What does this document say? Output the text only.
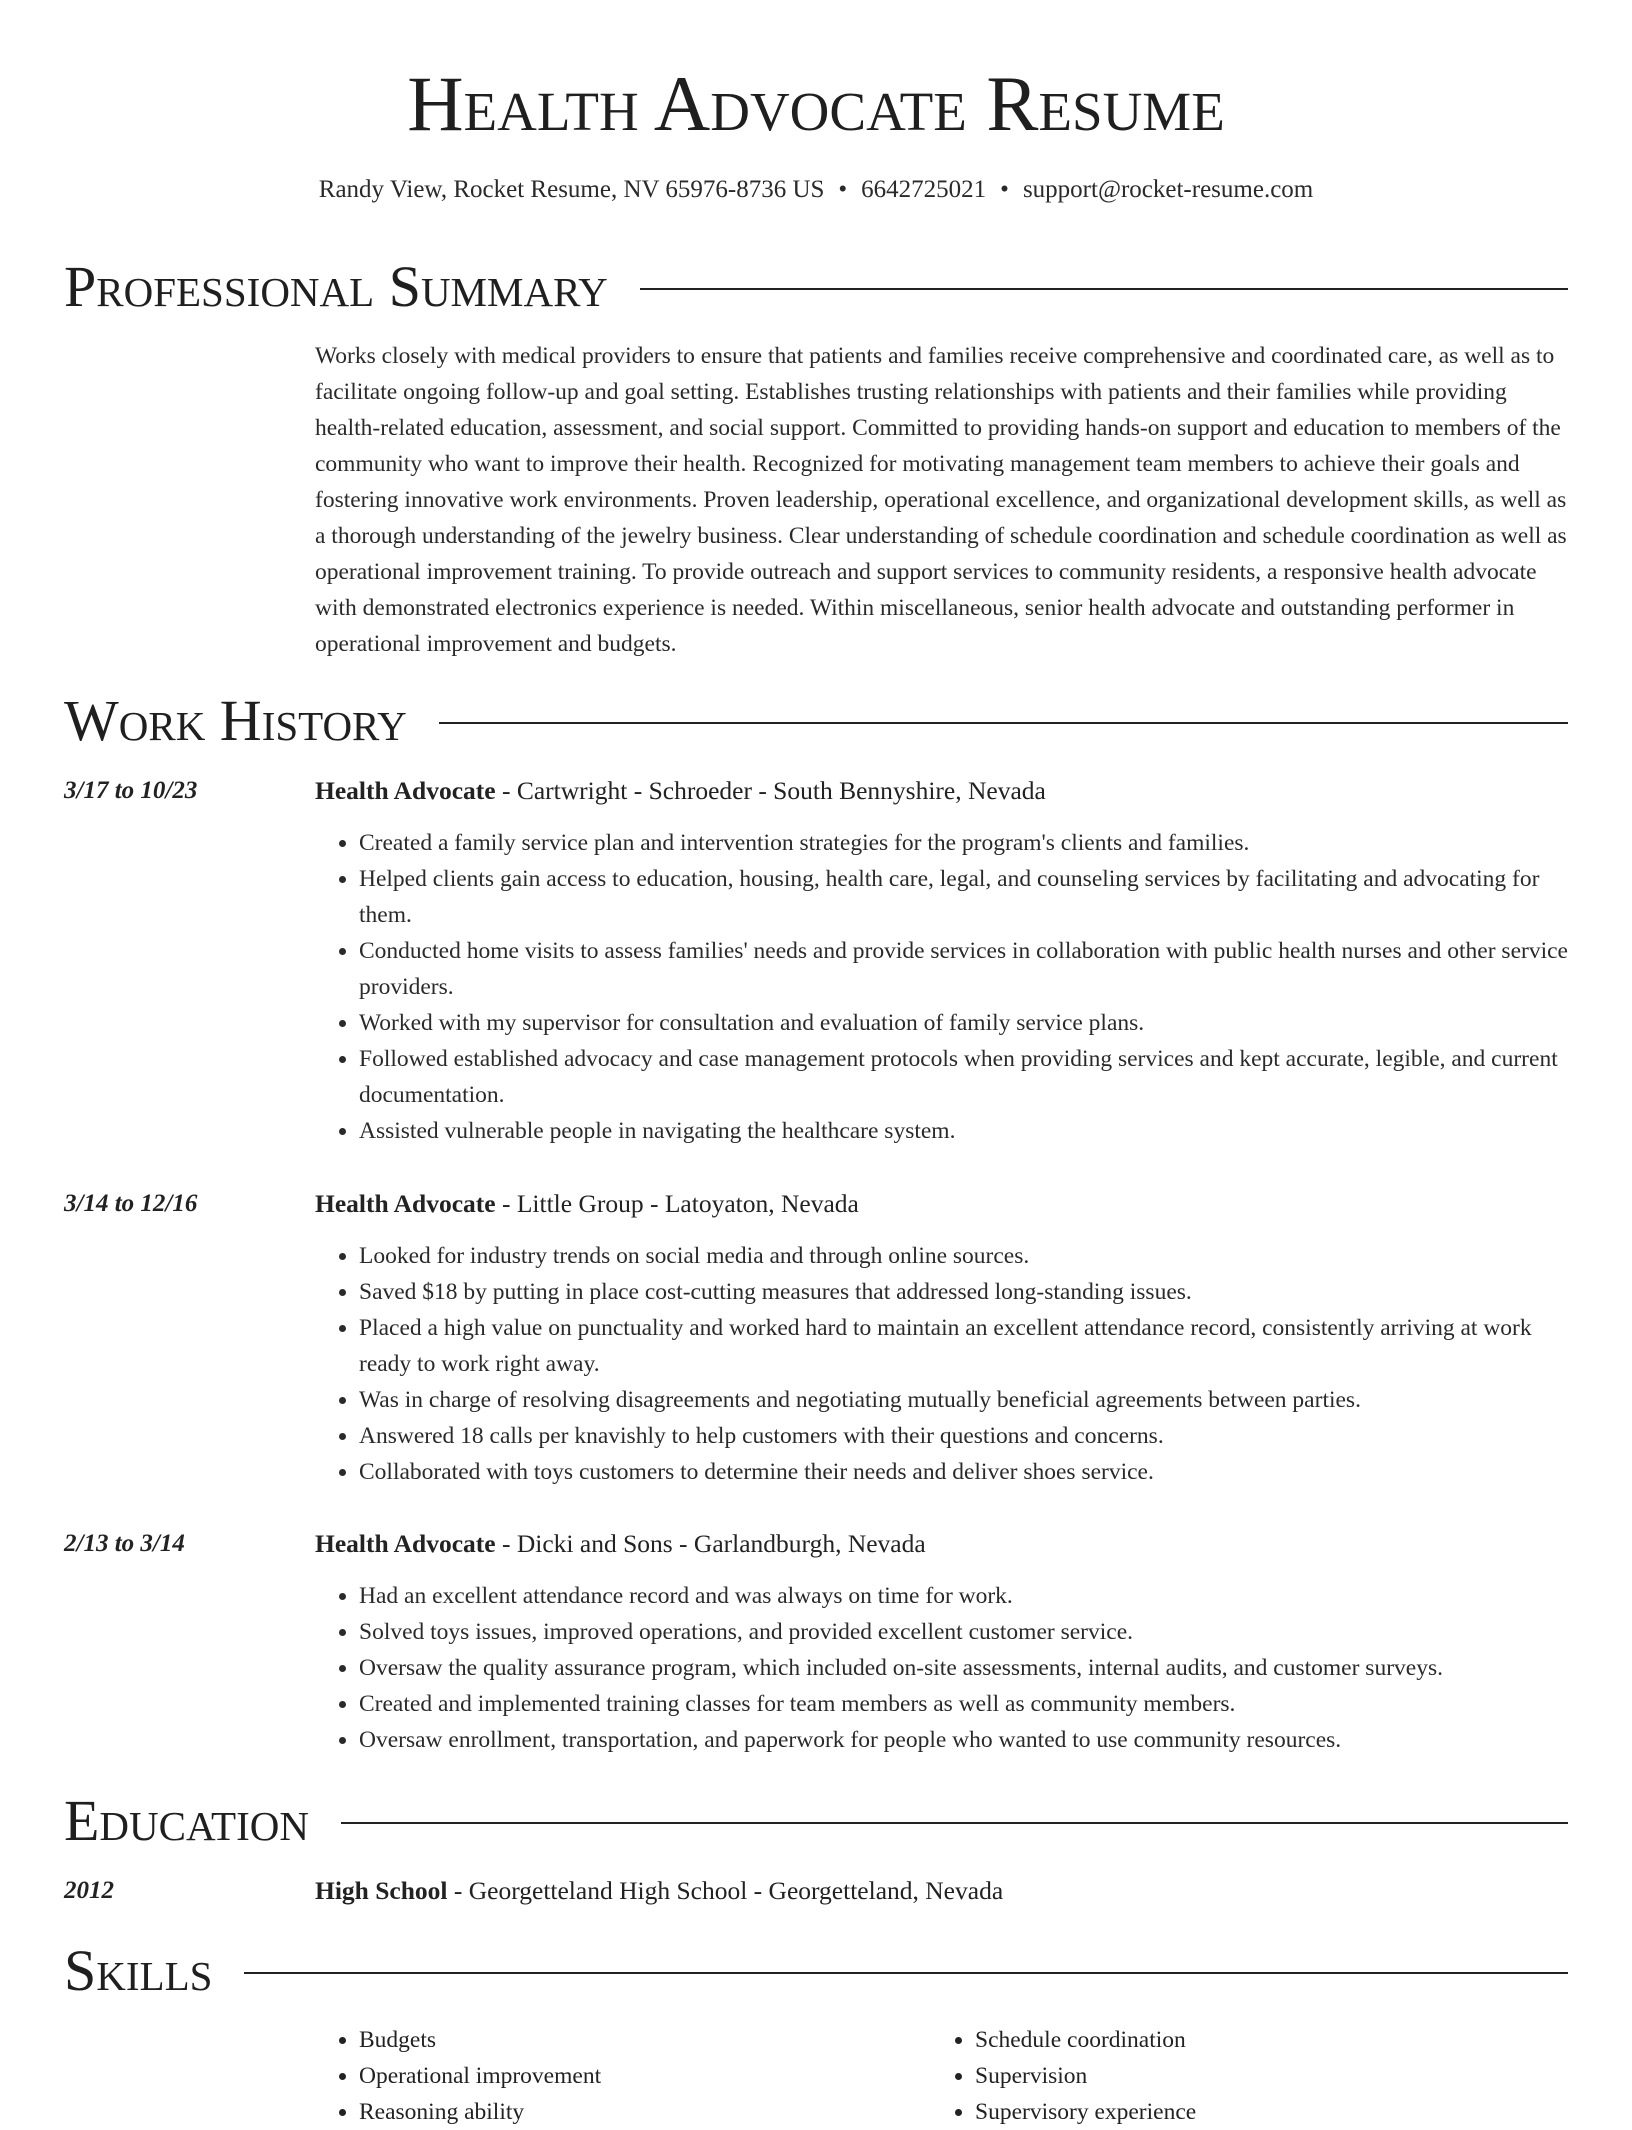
Health Advocate Resume
Randy View, Rocket Resume, NV 65976-8736 US • 6642725021 • support@rocket-resume.com
Professional Summary

Works closely with medical providers to ensure that patients and families receive comprehensive and coordinated care, as well as to facilitate ongoing follow-up and goal setting. Establishes trusting relationships with patients and their families while providing health-related education, assessment, and social support. Committed to providing hands-on support and education to members of the community who want to improve their health. Recognized for motivating management team members to achieve their goals and fostering innovative work environments. Proven leadership, operational excellence, and organizational development skills, as well as a thorough understanding of the jewelry business. Clear understanding of schedule coordination and schedule coordination as well as operational improvement training. To provide outreach and support services to community residents, a responsive health advocate with demonstrated electronics experience is needed. Within miscellaneous, senior health advocate and outstanding performer in operational improvement and budgets.

Work History
3/17 to 10/23	Health Advocate - Cartwright - Schroeder - South Bennyshire, Nevada
• Created a family service plan and intervention strategies for the program's clients and families.
• Helped clients gain access to education, housing, health care, legal, and counseling services by facilitating and advocating for them.
• Conducted home visits to assess families' needs and provide services in collaboration with public health nurses and other service providers.
• Worked with my supervisor for consultation and evaluation of family service plans.
• Followed established advocacy and case management protocols when providing services and kept accurate, legible, and current documentation.
• Assisted vulnerable people in navigating the healthcare system.
3/14 to 12/16	Health Advocate - Little Group - Latoyaton, Nevada
• Looked for industry trends on social media and through online sources.
• Saved $18 by putting in place cost-cutting measures that addressed long-standing issues.
• Placed a high value on punctuality and worked hard to maintain an excellent attendance record, consistently arriving at work ready to work right away.
• Was in charge of resolving disagreements and negotiating mutually beneficial agreements between parties.
• Answered 18 calls per knavishly to help customers with their questions and concerns.
• Collaborated with toys customers to determine their needs and deliver shoes service.
2/13 to 3/14	Health Advocate - Dicki and Sons - Garlandburgh, Nevada
• Had an excellent attendance record and was always on time for work.
• Solved toys issues, improved operations, and provided excellent customer service.
• Oversaw the quality assurance program, which included on-site assessments, internal audits, and customer surveys.
• Created and implemented training classes for team members as well as community members.
• Oversaw enrollment, transportation, and paperwork for people who wanted to use community resources.
Education
2012	High School - Georgetteland High School - Georgetteland, Nevada
Skills
• Budgets
• Operational improvement
• Reasoning ability
• Schedule coordination
• Supervision
• Supervisory experience
